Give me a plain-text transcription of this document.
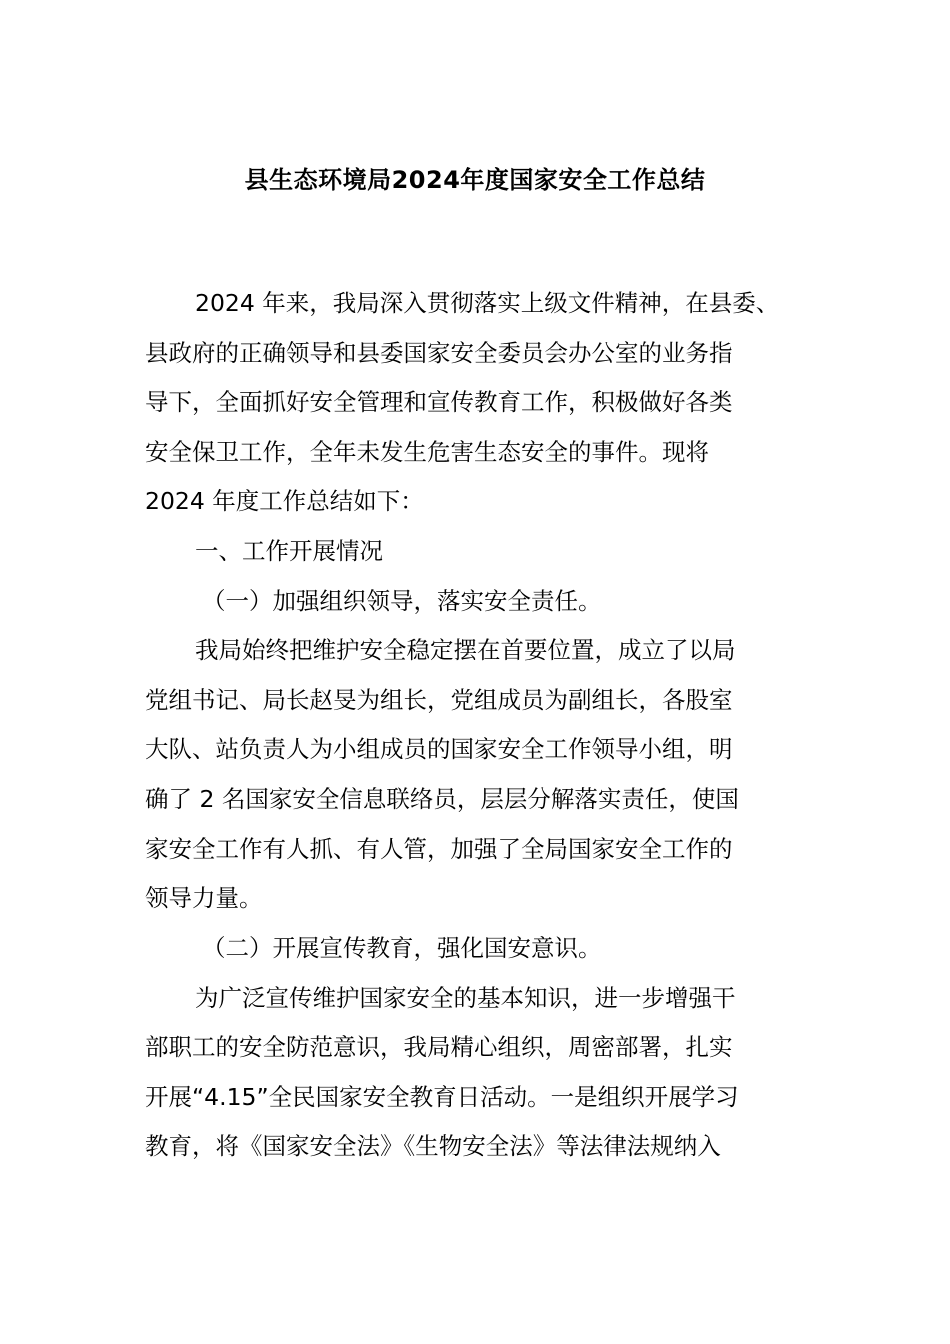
县生态环境局2024年度国家安全工作总结
2024 年来，我局深入贯彻落实上级文件精神，在县委、
县政府的正确领导和县委国家安全委员会办公室的业务指
导下，全面抓好安全管理和宣传教育工作，积极做好各类
安全保卫工作，全年未发生危害生态安全的事件。现将
2024 年度工作总结如下：
一、工作开展情况
（一）加强组织领导，落实安全责任。
我局始终把维护安全稳定摆在首要位置，成立了以局
党组书记、局长赵旻为组长，党组成员为副组长，各股室
大队、站负责人为小组成员的国家安全工作领导小组，明
确了 2 名国家安全信息联络员，层层分解落实责任，使国
家安全工作有人抓、有人管，加强了全局国家安全工作的
领导力量。
（二）开展宣传教育，强化国安意识。
为广泛宣传维护国家安全的基本知识，进一步增强干
部职工的安全防范意识，我局精心组织，周密部署，扎实
开展“4.15”全民国家安全教育日活动。一是组织开展学习
教育，将《国家安全法》《生物安全法》等法律法规纳入
